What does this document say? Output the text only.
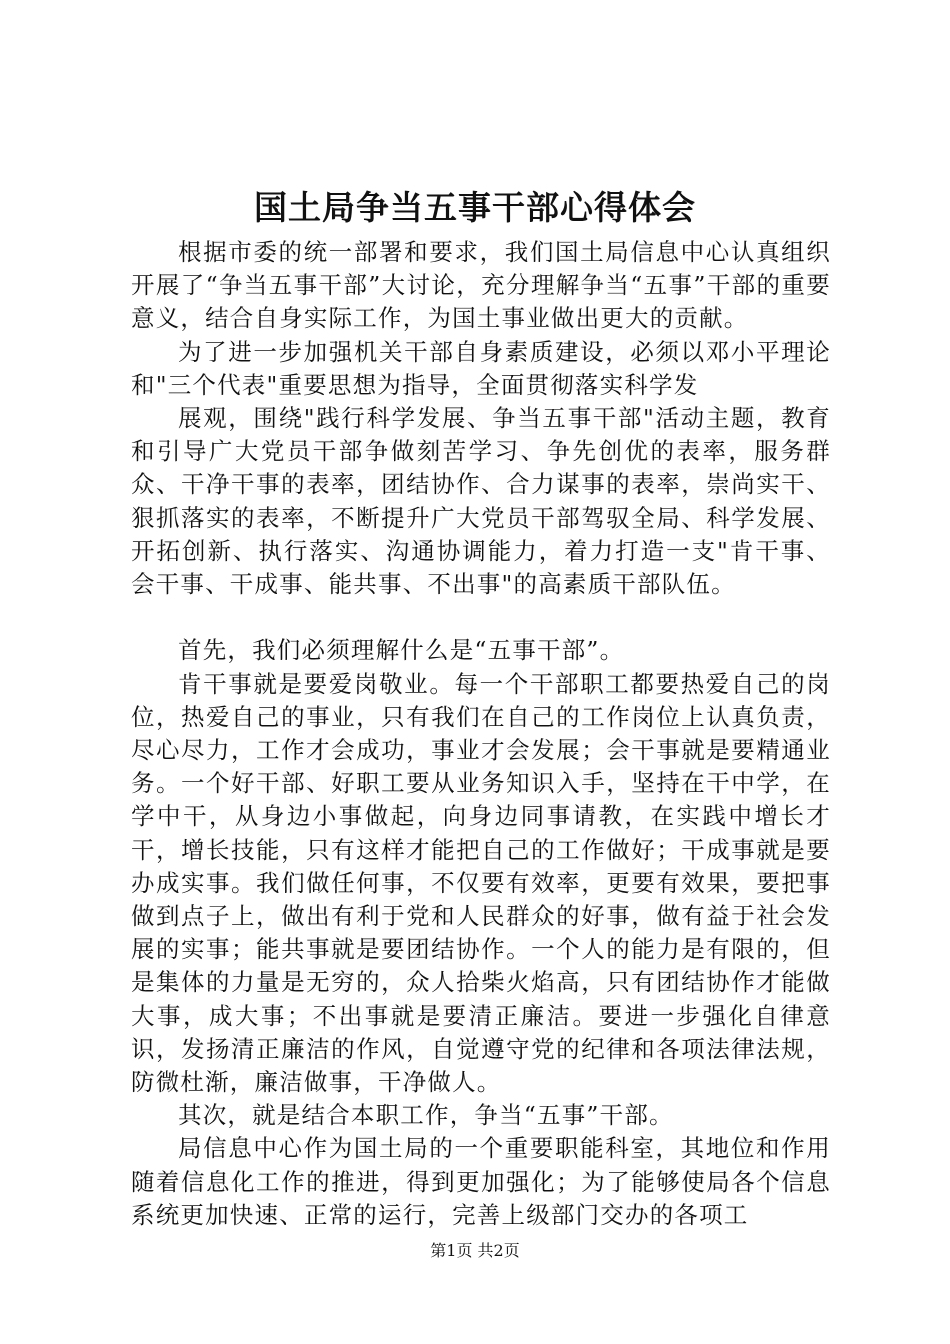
国土局争当五事干部心得体会

根据市委的统一部署和要求，我们国土局信息中心认真组织开展了“争当五事干部”大讨论，充分理解争当“五事”干部的重要意义，结合自身实际工作，为国土事业做出更大的贡献。

为了进一步加强机关干部自身素质建设，必须以邓小平理论和"三个代表"重要思想为指导，全面贯彻落实科学发

展观，围绕"践行科学发展、争当五事干部"活动主题，教育和引导广大党员干部争做刻苦学习、争先创优的表率，服务群众、干净干事的表率，团结协作、合力谋事的表率，崇尚实干、狠抓落实的表率，不断提升广大党员干部驾驭全局、科学发展、开拓创新、执行落实、沟通协调能力，着力打造一支"肯干事、会干事、干成事、能共事、不出事"的高素质干部队伍。

首先，我们必须理解什么是“五事干部”。

肯干事就是要爱岗敬业。每一个干部职工都要热爱自己的岗位，热爱自己的事业，只有我们在自己的工作岗位上认真负责，尽心尽力，工作才会成功，事业才会发展；会干事就是要精通业务。一个好干部、好职工要从业务知识入手，坚持在干中学，在学中干，从身边小事做起，向身边同事请教，在实践中增长才干，增长技能，只有这样才能把自己的工作做好；干成事就是要办成实事。我们做任何事，不仅要有效率，更要有效果，要把事做到点子上，做出有利于党和人民群众的好事，做有益于社会发展的实事；能共事就是要团结协作。一个人的能力是有限的，但是集体的力量是无穷的，众人拾柴火焰高，只有团结协作才能做大事，成大事；不出事就是要清正廉洁。要进一步强化自律意识，发扬清正廉洁的作风，自觉遵守党的纪律和各项法律法规，防微杜渐，廉洁做事，干净做人。

其次，就是结合本职工作，争当“五事”干部。

局信息中心作为国土局的一个重要职能科室，其地位和作用随着信息化工作的推进，得到更加强化；为了能够使局各个信息系统更加快速、正常的运行，完善上级部门交办的各项工

第1页 共2页
